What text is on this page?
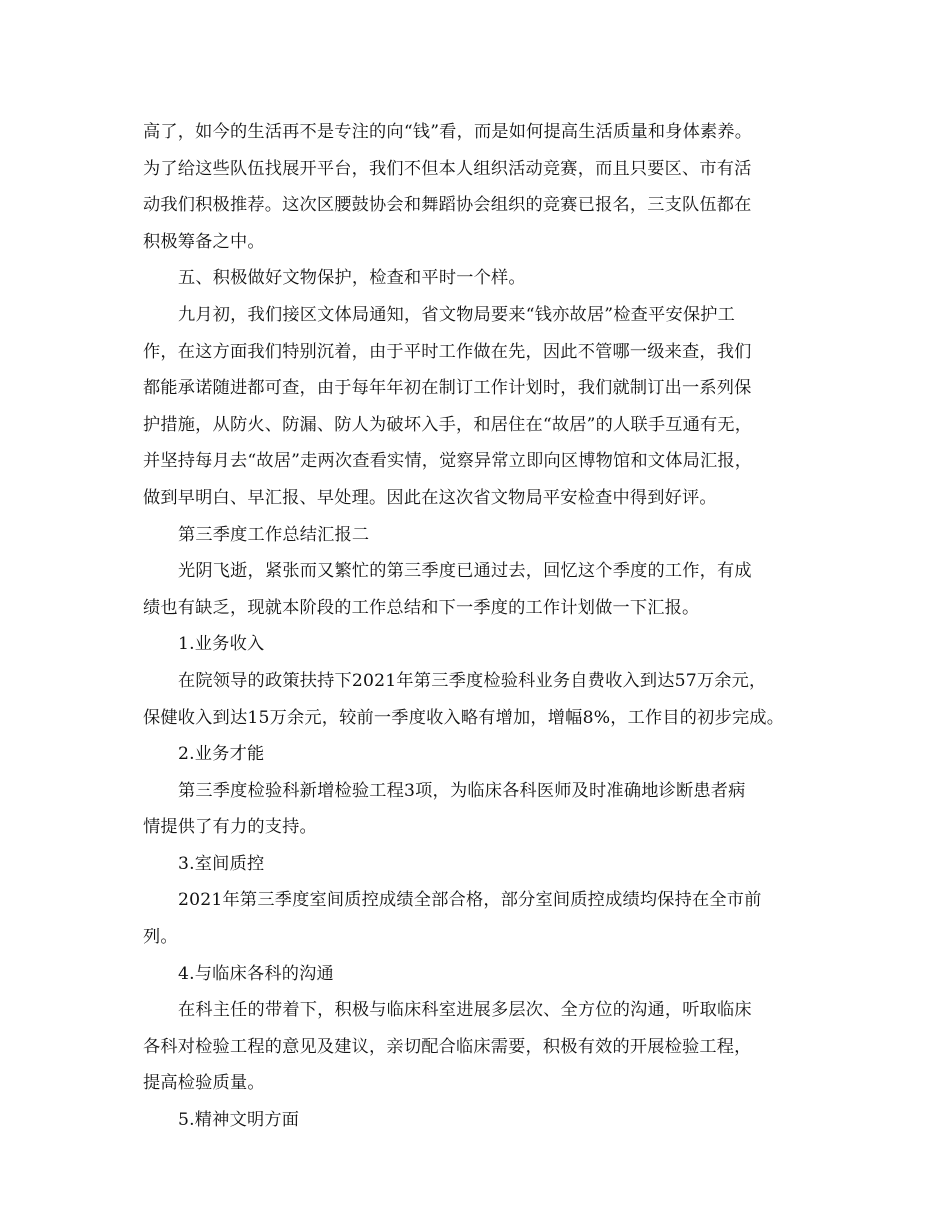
高了，如今的生活再不是专注的向“钱”看，而是如何提高生活质量和身体素养。
为了给这些队伍找展开平台，我们不但本人组织活动竞赛，而且只要区、市有活
动我们积极推荐。这次区腰鼓协会和舞蹈协会组织的竞赛已报名，三支队伍都在
积极筹备之中。
五、积极做好文物保护，检查和平时一个样。
九月初，我们接区文体局通知，省文物局要来“钱亦故居”检查平安保护工
作，在这方面我们特别沉着，由于平时工作做在先，因此不管哪一级来查，我们
都能承诺随进都可查，由于每年年初在制订工作计划时，我们就制订出一系列保
护措施，从防火、防漏、防人为破坏入手，和居住在“故居”的人联手互通有无，
并坚持每月去“故居”走两次查看实情，觉察异常立即向区博物馆和文体局汇报，
做到早明白、早汇报、早处理。因此在这次省文物局平安检查中得到好评。
第三季度工作总结汇报二
光阴飞逝，紧张而又繁忙的第三季度已通过去，回忆这个季度的工作，有成
绩也有缺乏，现就本阶段的工作总结和下一季度的工作计划做一下汇报。
1.业务收入
在院领导的政策扶持下2021年第三季度检验科业务自费收入到达57万余元，
保健收入到达15万余元，较前一季度收入略有增加，增幅8%，工作目的初步完成。
2.业务才能
第三季度检验科新增检验工程3项，为临床各科医师及时准确地诊断患者病
情提供了有力的支持。
3.室间质控
2021年第三季度室间质控成绩全部合格，部分室间质控成绩均保持在全市前
列。
4.与临床各科的沟通
在科主任的带着下，积极与临床科室进展多层次、全方位的沟通，听取临床
各科对检验工程的意见及建议，亲切配合临床需要，积极有效的开展检验工程，
提高检验质量。
5.精神文明方面
